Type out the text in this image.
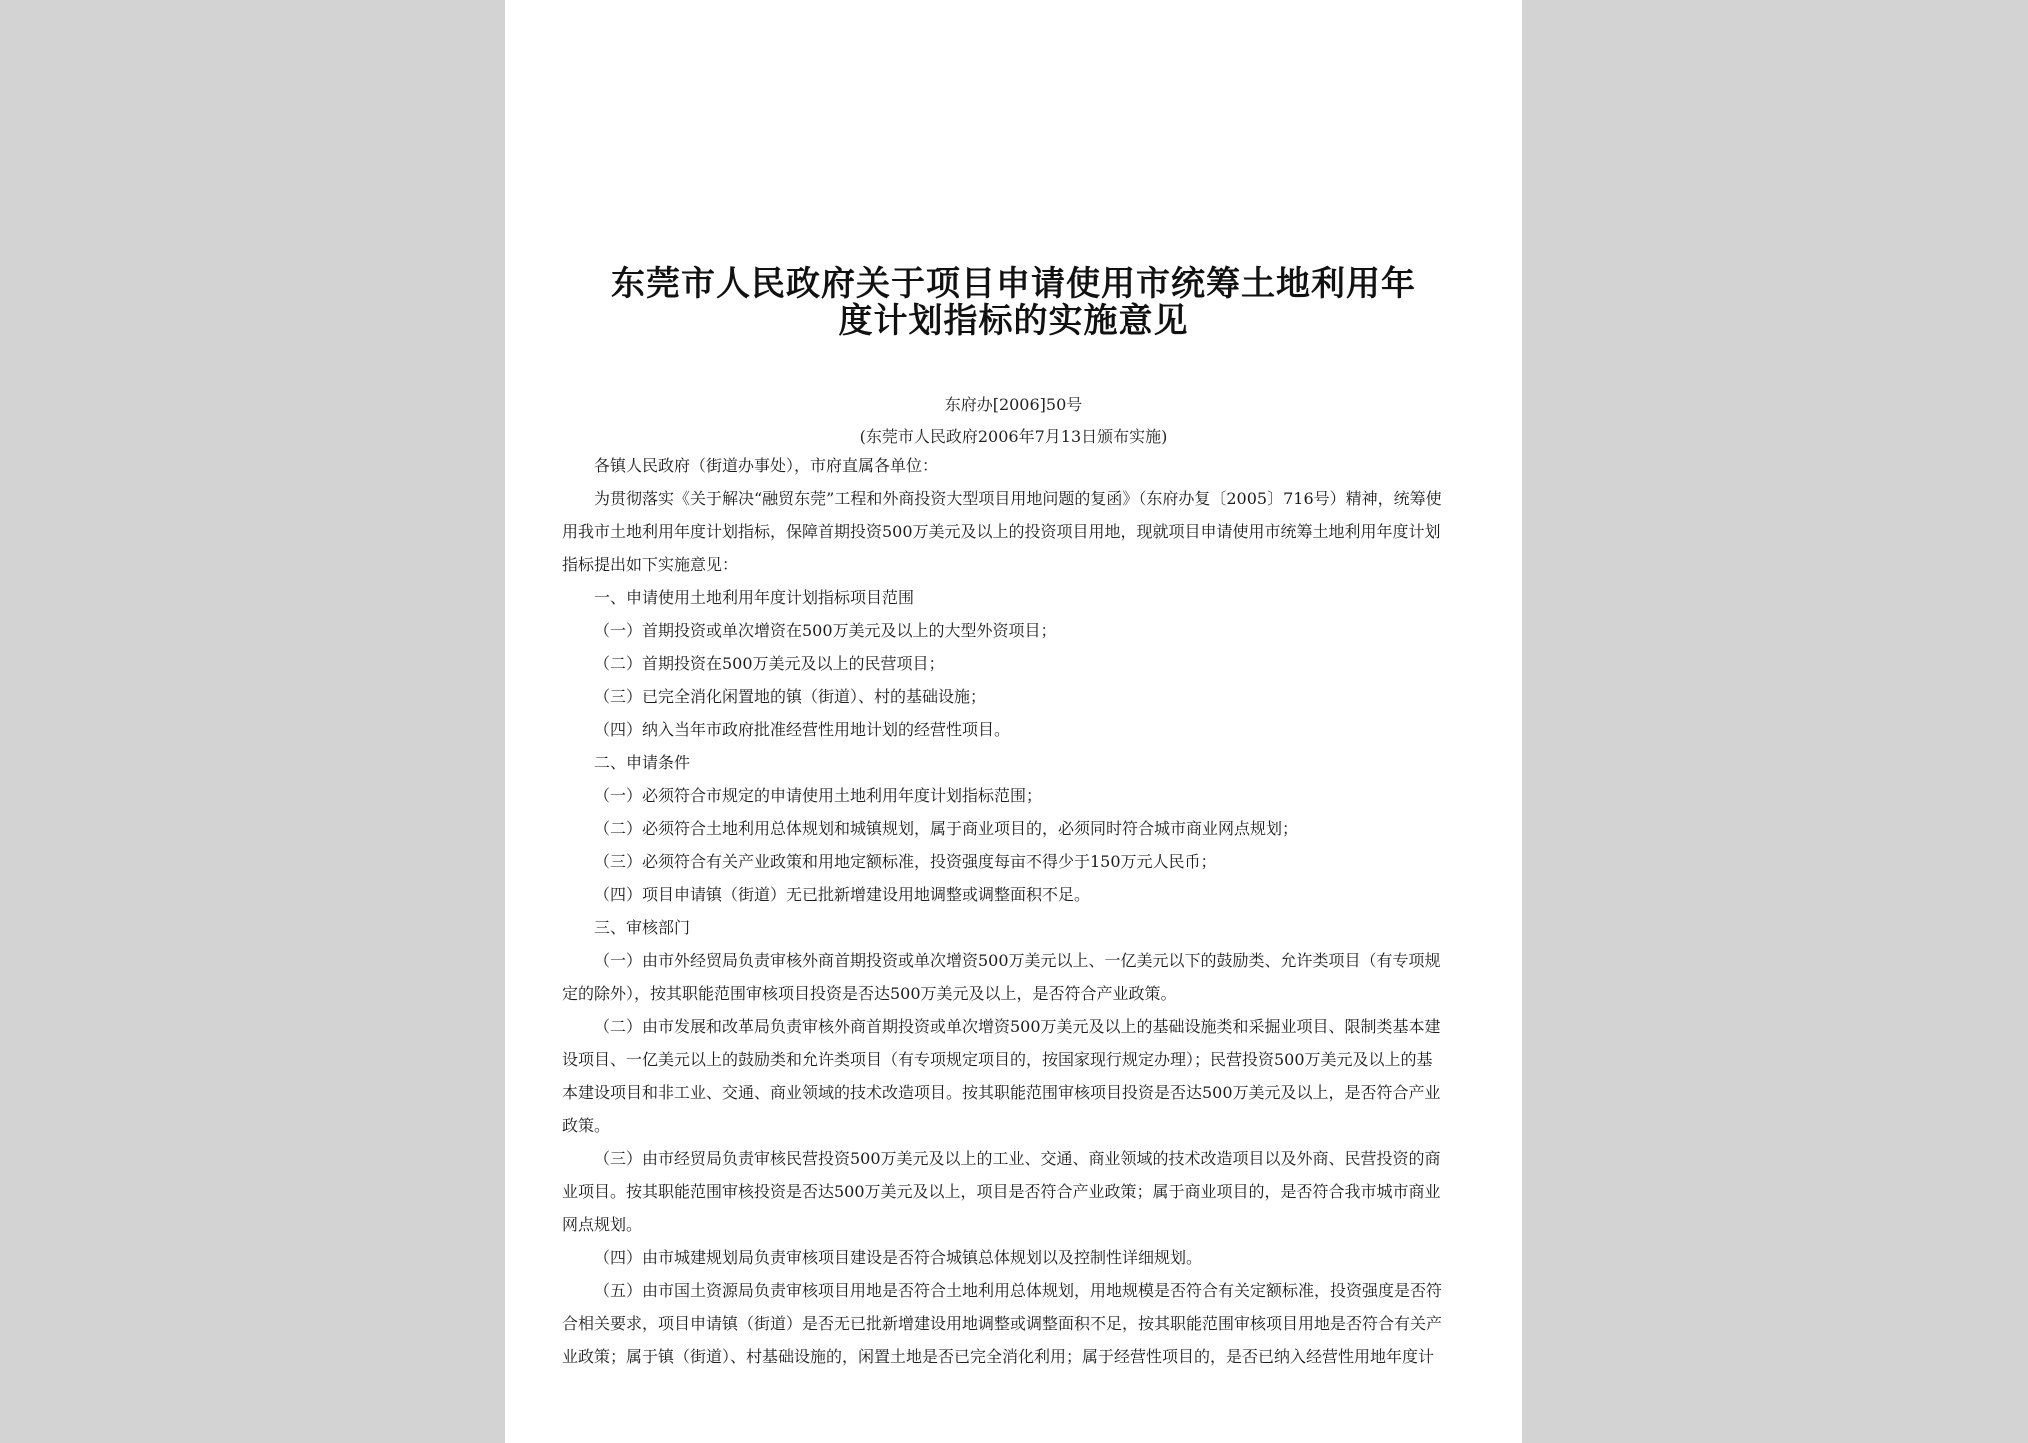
东莞市人民政府关于项目申请使用市统筹土地利用年
度计划指标的实施意见
东府办[2006]50号
(东莞市人民政府2006年7月13日颁布实施)
各镇人民政府（街道办事处），市府直属各单位：
为贯彻落实《关于解决“融贸东莞”工程和外商投资大型项目用地问题的复函》（东府办复〔2005〕716号）精神，统筹使
用我市土地利用年度计划指标，保障首期投资500万美元及以上的投资项目用地，现就项目申请使用市统筹土地利用年度计划
指标提出如下实施意见：
一、申请使用土地利用年度计划指标项目范围
（一）首期投资或单次增资在500万美元及以上的大型外资项目；
（二）首期投资在500万美元及以上的民营项目；
（三）已完全消化闲置地的镇（街道）、村的基础设施；
（四）纳入当年市政府批准经营性用地计划的经营性项目。
二、申请条件
（一）必须符合市规定的申请使用土地利用年度计划指标范围；
（二）必须符合土地利用总体规划和城镇规划，属于商业项目的，必须同时符合城市商业网点规划；
（三）必须符合有关产业政策和用地定额标准，投资强度每亩不得少于150万元人民币；
（四）项目申请镇（街道）无已批新增建设用地调整或调整面积不足。
三、审核部门
（一）由市外经贸局负责审核外商首期投资或单次增资500万美元以上、一亿美元以下的鼓励类、允许类项目（有专项规
定的除外），按其职能范围审核项目投资是否达500万美元及以上，是否符合产业政策。
（二）由市发展和改革局负责审核外商首期投资或单次增资500万美元及以上的基础设施类和采掘业项目、限制类基本建
设项目、一亿美元以上的鼓励类和允许类项目（有专项规定项目的，按国家现行规定办理）；民营投资500万美元及以上的基
本建设项目和非工业、交通、商业领域的技术改造项目。按其职能范围审核项目投资是否达500万美元及以上，是否符合产业
政策。
（三）由市经贸局负责审核民营投资500万美元及以上的工业、交通、商业领域的技术改造项目以及外商、民营投资的商
业项目。按其职能范围审核投资是否达500万美元及以上，项目是否符合产业政策；属于商业项目的，是否符合我市城市商业
网点规划。
（四）由市城建规划局负责审核项目建设是否符合城镇总体规划以及控制性详细规划。
（五）由市国土资源局负责审核项目用地是否符合土地利用总体规划，用地规模是否符合有关定额标准，投资强度是否符
合相关要求，项目申请镇（街道）是否无已批新增建设用地调整或调整面积不足，按其职能范围审核项目用地是否符合有关产
业政策；属于镇（街道）、村基础设施的，闲置土地是否已完全消化利用；属于经营性项目的，是否已纳入经营性用地年度计
